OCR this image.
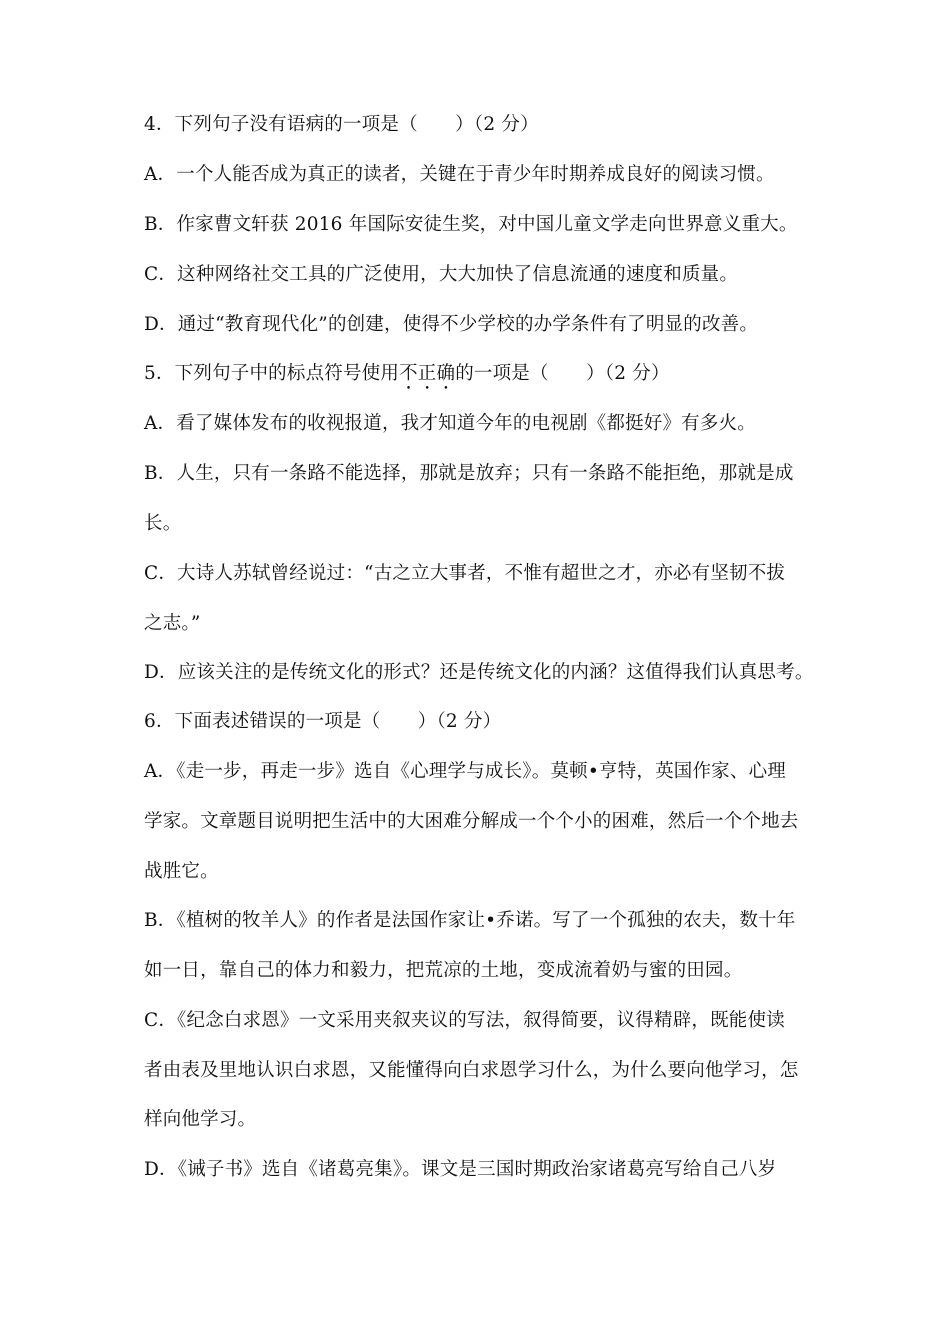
4．下列句子没有语病的一项是（　　）（2 分）
A．一个人能否成为真正的读者，关键在于青少年时期养成良好的阅读习惯。
B．作家曹文轩获 2016 年国际安徒生奖，对中国儿童文学走向世界意义重大。
C．这种网络社交工具的广泛使用，大大加快了信息流通的速度和质量。
D．通过“教育现代化”的创建，使得不少学校的办学条件有了明显的改善。
5．下列句子中的标点符号使用不正确的一项是（　　）（2 分）
A．看了媒体发布的收视报道，我才知道今年的电视剧《都挺好》有多火。
B．人生，只有一条路不能选择，那就是放弃；只有一条路不能拒绝，那就是成
长。
C．大诗人苏轼曾经说过：“古之立大事者，不惟有超世之才，亦必有坚韧不拔
之志。”
D．应该关注的是传统文化的形式？还是传统文化的内涵？这值得我们认真思考。
6．下面表述错误的一项是（　　）（2 分）
A．《走一步，再走一步》选自《心理学与成长》。莫顿•亨特，英国作家、心理
学家。文章题目说明把生活中的大困难分解成一个个小的困难，然后一个个地去
战胜它。
B．《植树的牧羊人》的作者是法国作家让•乔诺。写了一个孤独的农夫，数十年
如一日，靠自己的体力和毅力，把荒凉的土地，变成流着奶与蜜的田园。
C．《纪念白求恩》一文采用夹叙夹议的写法，叙得简要，议得精辟，既能使读
者由表及里地认识白求恩，又能懂得向白求恩学习什么，为什么要向他学习，怎
样向他学习。
D．《诫子书》选自《诸葛亮集》。课文是三国时期政治家诸葛亮写给自己八岁
